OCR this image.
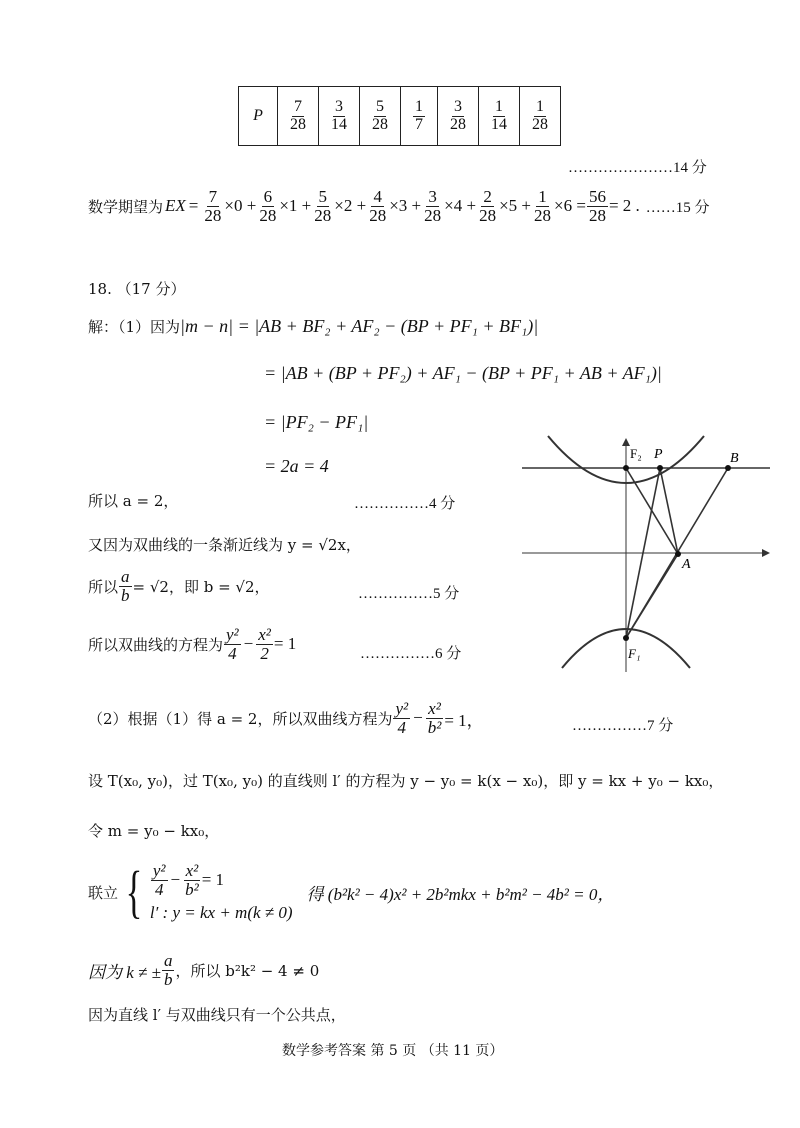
P	$\frac{7}{28}$	$\frac{3}{14}$	$\frac{5}{28}$	$\frac{1}{7}$	$\frac{3}{28}$	$\frac{1}{14}$	$\frac{1}{28}$
…………………14 分
数学期望为 EX = $\frac{7}{28} \times 0 + \frac{6}{28} \times 1 + \frac{5}{28} \times 2 + \frac{4}{28} \times 3 + \frac{3}{28} \times 4 + \frac{2}{28} \times 5 + \frac{1}{28} \times 6 = \frac{56}{28} = 2$ . ……15 分
18. （17 分）
解：（1）因为 |m − n| = |AB + BF₂ + AF₂ − (BP + PF₁ + BF₁)|
= |AB + (BP + PF₂) + AF₁ − (BP + PF₁ + AB + AF₁)|
= |PF₂ − PF₁|
= 2a = 4
所以 a = 2，	……………4 分
又因为双曲线的一条渐近线为 y = √2x，
所以 $\frac{a}{b} = √2$，即 b = √2，	……………5 分
所以双曲线的方程为 $\frac{\text{y²}}{4} - \frac{\text{x²}}{2} = 1$
……………6 分
F₂ P	B
A
F₁
（2）根据（1）得 a = 2，所以双曲线方程为 $\frac{\text{y²}}{4} - \frac{\text{x²}}{\text{b²}} = 1$，	……………7 分
设 T(x₀, y₀)，过 T(x₀, y₀) 的直线则 l′ 的方程为 y − y₀ = k(x − x₀)，即 y = kx + y₀ − kx₀，
令 m = y₀ − kx₀，
联立 { $\frac{\text{y²}}{4} - \frac{\text{x²}}{\text{b²}} = 1$
l′ : y = kx + m(k ≠ 0)
得 (b²k² − 4)x² + 2b²mkx + b²m² − 4b² = 0，
因为 k ≠ ± $\frac{a}{b}$ ，所以 b²k² − 4 ≠ 0
因为直线 l′ 与双曲线只有一个公共点，
数学参考答案 第 5 页 （共 11 页）
